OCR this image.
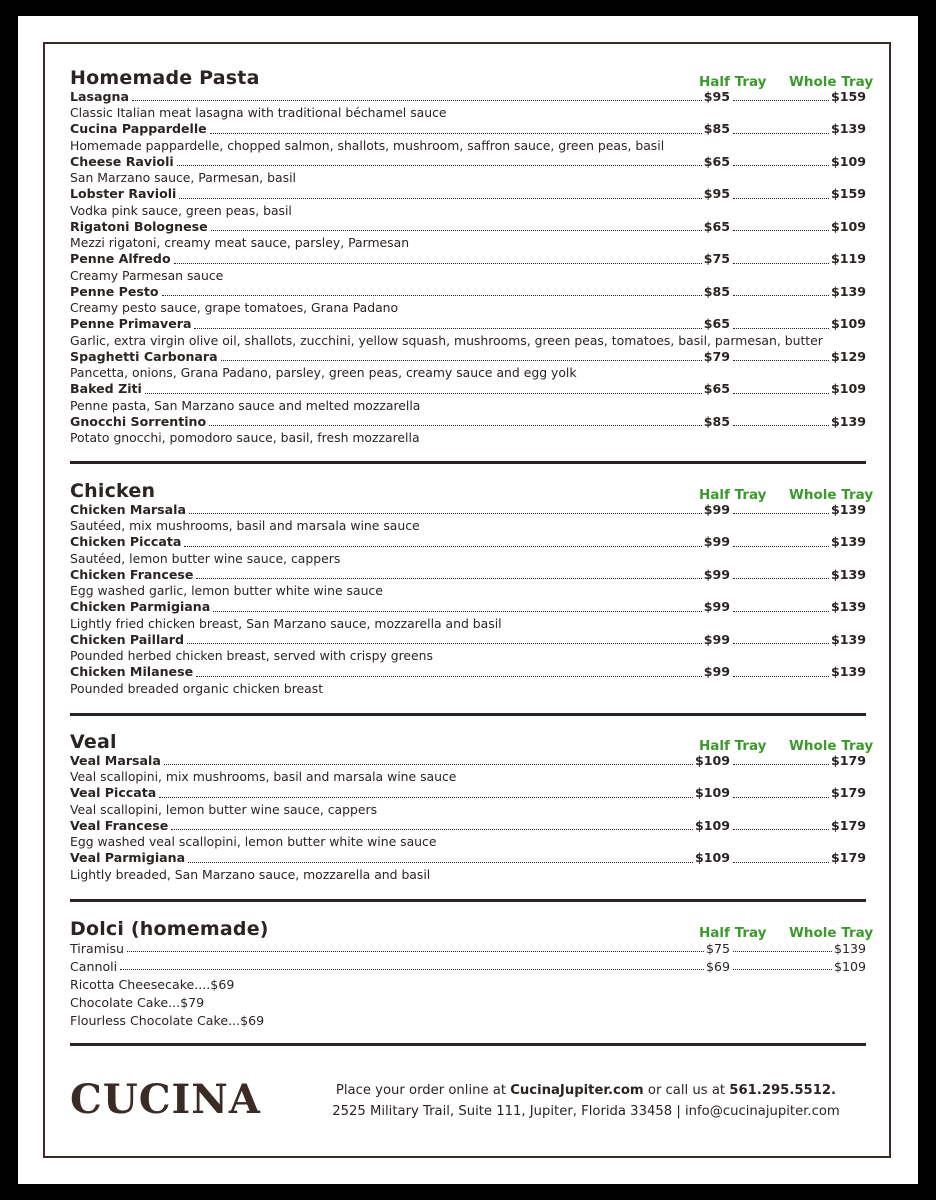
Homemade Pasta	Half Tray Whole Tray
Lasagna	$95	$159
Classic Italian meat lasagna with traditional béchamel sauce
Cucina Pappardelle	$85	$139
Homemade pappardelle, chopped salmon, shallots, mushroom, saffron sauce, green peas, basil
Cheese Ravioli	$65	$109
San Marzano sauce, Parmesan, basil
Lobster Ravioli	$95	$159
Vodka pink sauce, green peas, basil
Rigatoni Bolognese	$65	$109
Mezzi rigatoni, creamy meat sauce, parsley, Parmesan
Penne Alfredo	$75	$119
Creamy Parmesan sauce
Penne Pesto	$85	$139
Creamy pesto sauce, grape tomatoes, Grana Padano
Penne Primavera	$65	$109
Garlic, extra virgin olive oil, shallots, zucchini, yellow squash, mushrooms, green peas, tomatoes, basil, parmesan, butter
Spaghetti Carbonara	$79	$129
Pancetta, onions, Grana Padano, parsley, green peas, creamy sauce and egg yolk
Baked Ziti	$65	$109
Penne pasta, San Marzano sauce and melted mozzarella
Gnocchi Sorrentino	$85	$139
Potato gnocchi, pomodoro sauce, basil, fresh mozzarella
Chicken	Half Tray Whole Tray
Chicken Marsala	$99	$139
Sautéed, mix mushrooms, basil and marsala wine sauce
Chicken Piccata	$99	$139
Sautéed, lemon butter wine sauce, cappers
Chicken Francese	$99	$139
Egg washed garlic, lemon butter white wine sauce
Chicken Parmigiana	$99	$139
Lightly fried chicken breast, San Marzano sauce, mozzarella and basil
Chicken Paillard	$99	$139
Pounded herbed chicken breast, served with crispy greens
Chicken Milanese	$99	$139
Pounded breaded organic chicken breast
Veal	Half Tray Whole Tray
Veal Marsala	$109	$179
Veal scallopini, mix mushrooms, basil and marsala wine sauce
Veal Piccata	$109	$179
Veal scallopini, lemon butter wine sauce, cappers
Veal Francese	$109	$179
Egg washed veal scallopini, lemon butter white wine sauce
Veal Parmigiana	$109	$179
Lightly breaded, San Marzano sauce, mozzarella and basil
Dolci (homemade)	Half Tray Whole Tray
Tiramisu	$75	$139
Cannoli	$69	$109
Ricotta Cheesecake....$69
Chocolate Cake...$79
Flourless Chocolate Cake...$69
CUCINA	Place your order online at CucinaJupiter.com or call us at 561.295.5512.
2525 Military Trail, Suite 111, Jupiter, Florida 33458 | info@cucinajupiter.com
